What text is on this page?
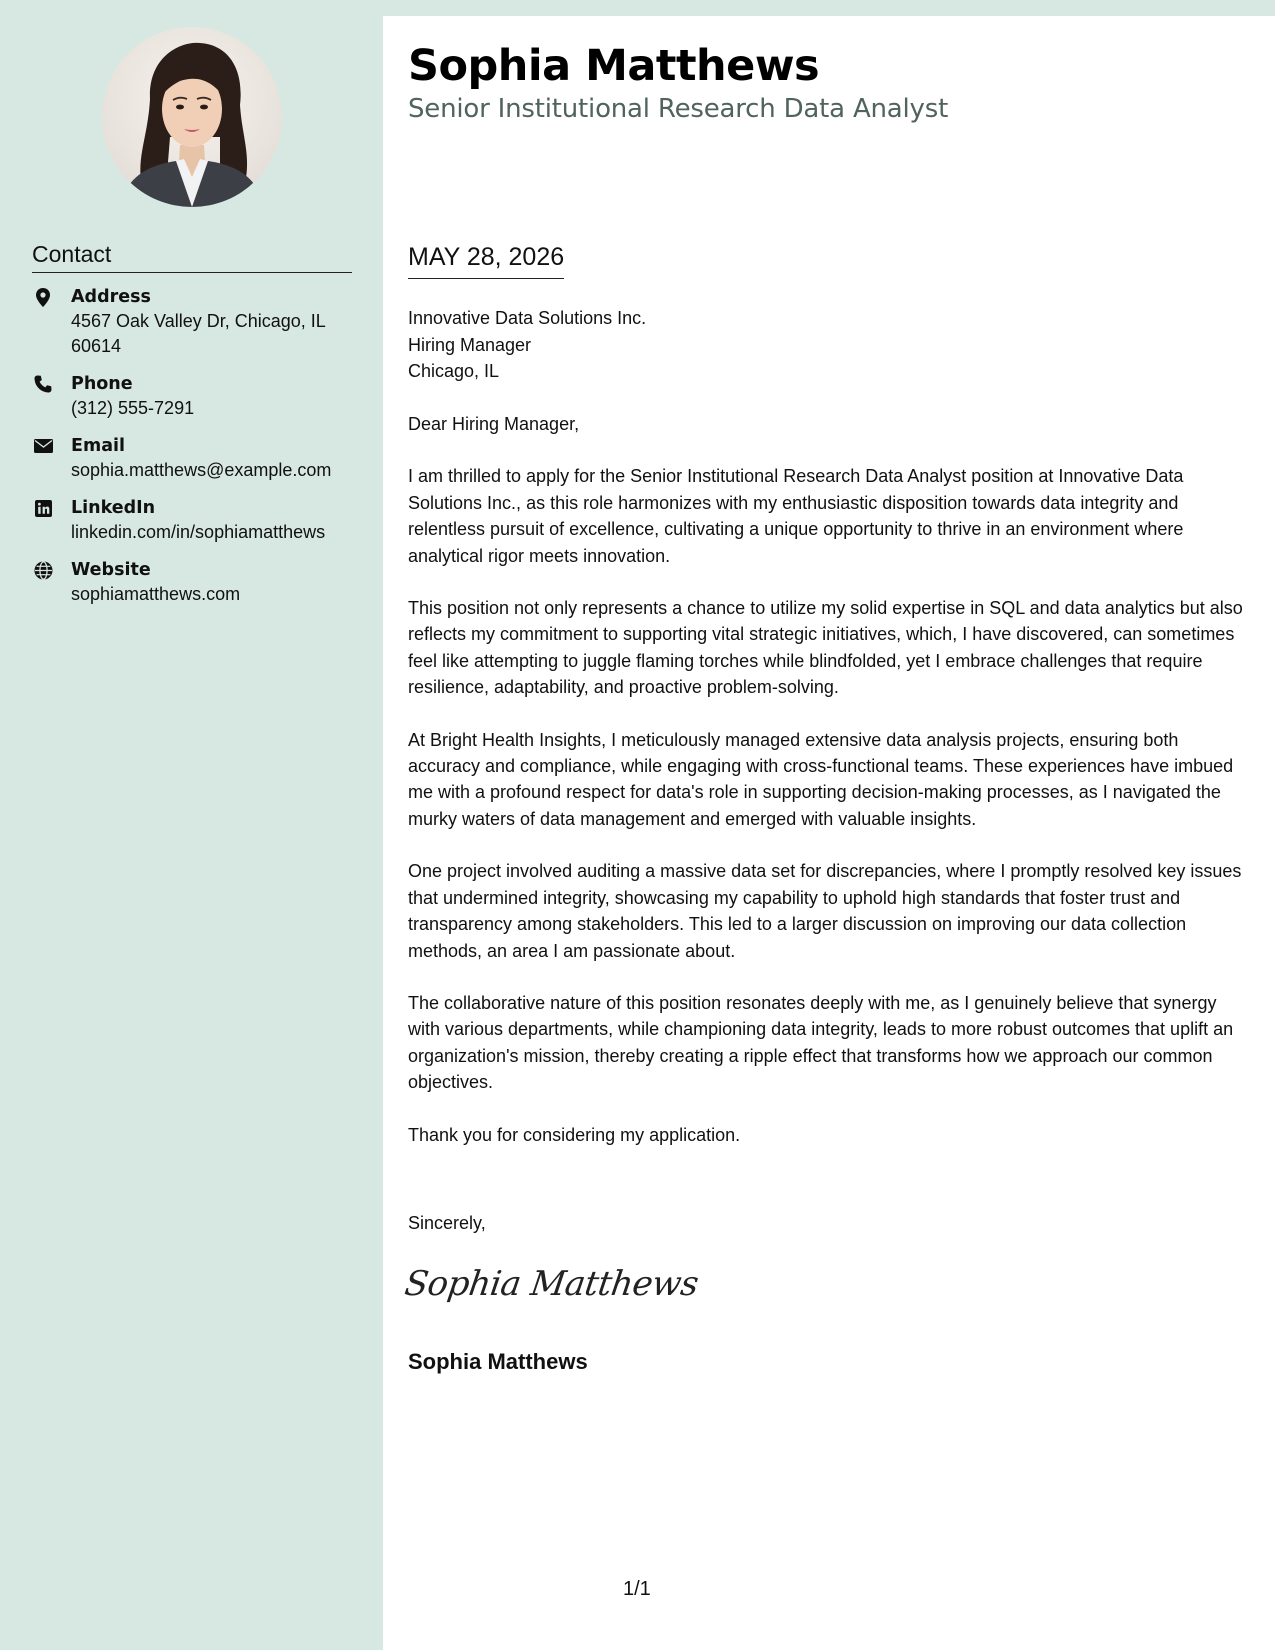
Contact
Address
4567 Oak Valley Dr, Chicago, IL 60614
Phone
(312) 555-7291
Email
sophia.matthews@example.com
LinkedIn
linkedin.com/in/sophiamatthews
Website
sophiamatthews.com
Sophia Matthews
Senior Institutional Research Data Analyst
MAY 28, 2026
Innovative Data Solutions Inc.
Hiring Manager
Chicago, IL

Dear Hiring Manager,

I am thrilled to apply for the Senior Institutional Research Data Analyst position at Innovative Data Solutions Inc., as this role harmonizes with my enthusiastic disposition towards data integrity and relentless pursuit of excellence, cultivating a unique opportunity to thrive in an environment where analytical rigor meets innovation.

This position not only represents a chance to utilize my solid expertise in SQL and data analytics but also reflects my commitment to supporting vital strategic initiatives, which, I have discovered, can sometimes feel like attempting to juggle flaming torches while blindfolded, yet I embrace challenges that require resilience, adaptability, and proactive problem-solving.

At Bright Health Insights, I meticulously managed extensive data analysis projects, ensuring both accuracy and compliance, while engaging with cross-functional teams. These experiences have imbued me with a profound respect for data's role in supporting decision-making processes, as I navigated the murky waters of data management and emerged with valuable insights.

One project involved auditing a massive data set for discrepancies, where I promptly resolved key issues that undermined integrity, showcasing my capability to uphold high standards that foster trust and transparency among stakeholders. This led to a larger discussion on improving our data collection methods, an area I am passionate about.

The collaborative nature of this position resonates deeply with me, as I genuinely believe that synergy with various departments, while championing data integrity, leads to more robust outcomes that uplift an organization's mission, thereby creating a ripple effect that transforms how we approach our common objectives.

Thank you for considering my application.

Sincerely,
Sophia Matthews
Sophia Matthews
1/1
